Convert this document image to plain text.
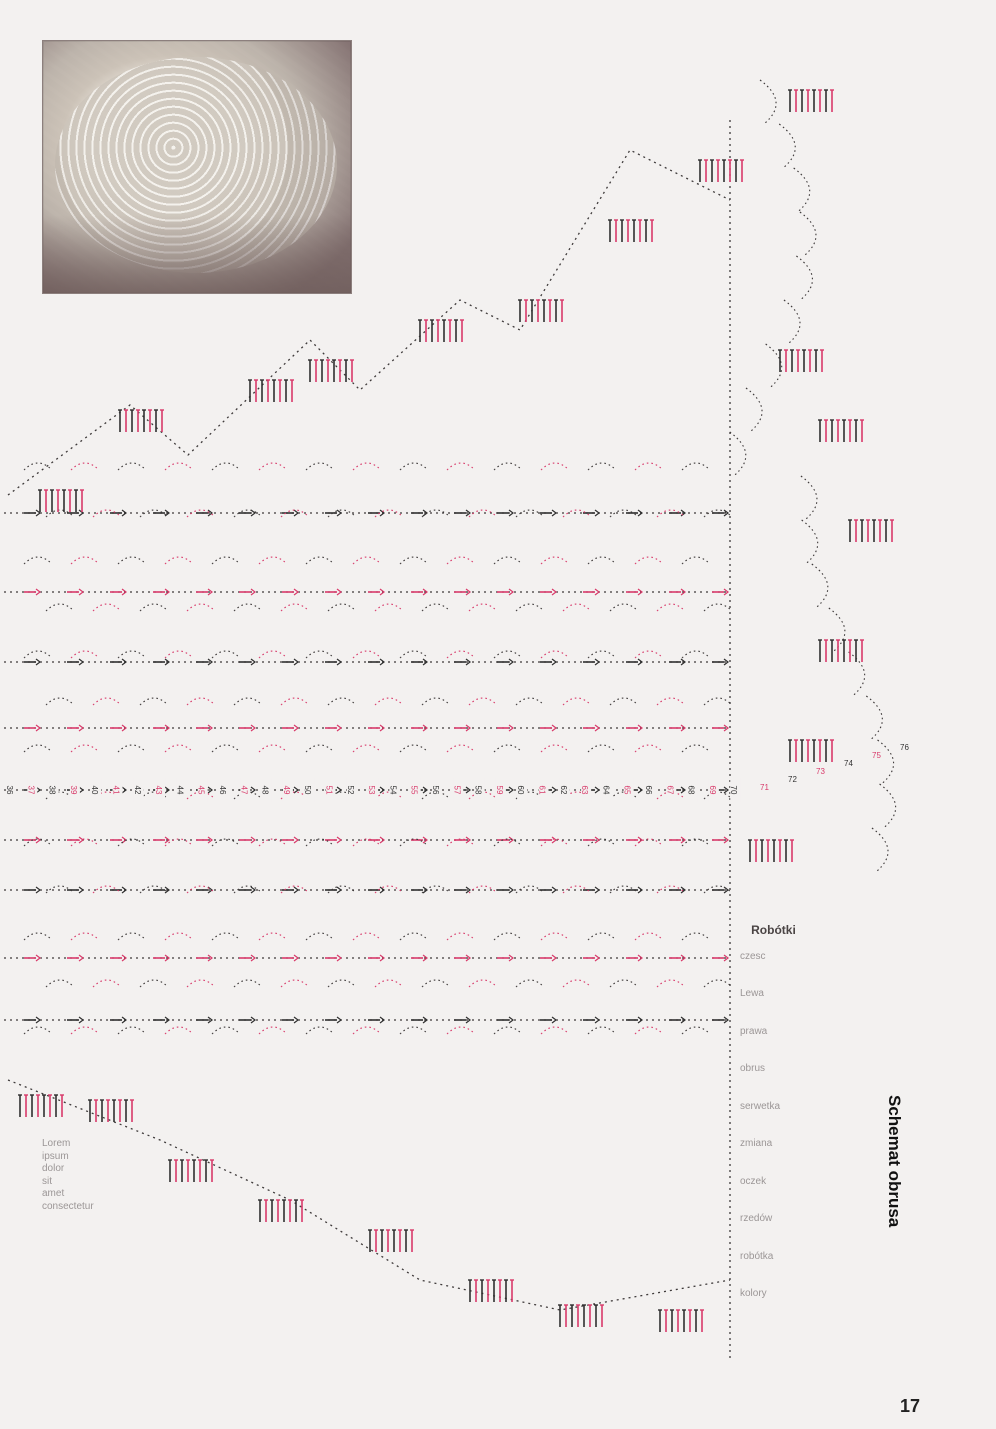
36 37 38 39 40 41 42 43 44 45 46 47 48 49 50 51 52 53 54 55 56 57 58 59 60 61 62 63 64 65 66 67 68 69 70	71
72
73
74
75
76
Schemat obrusa
17

Robótki

czesc

Lewa

prawa

obrus

serwetka

zmiana

oczek

rzedów

robótka

kolory

Lorem
ipsum
dolor
sit
amet
consectetur
